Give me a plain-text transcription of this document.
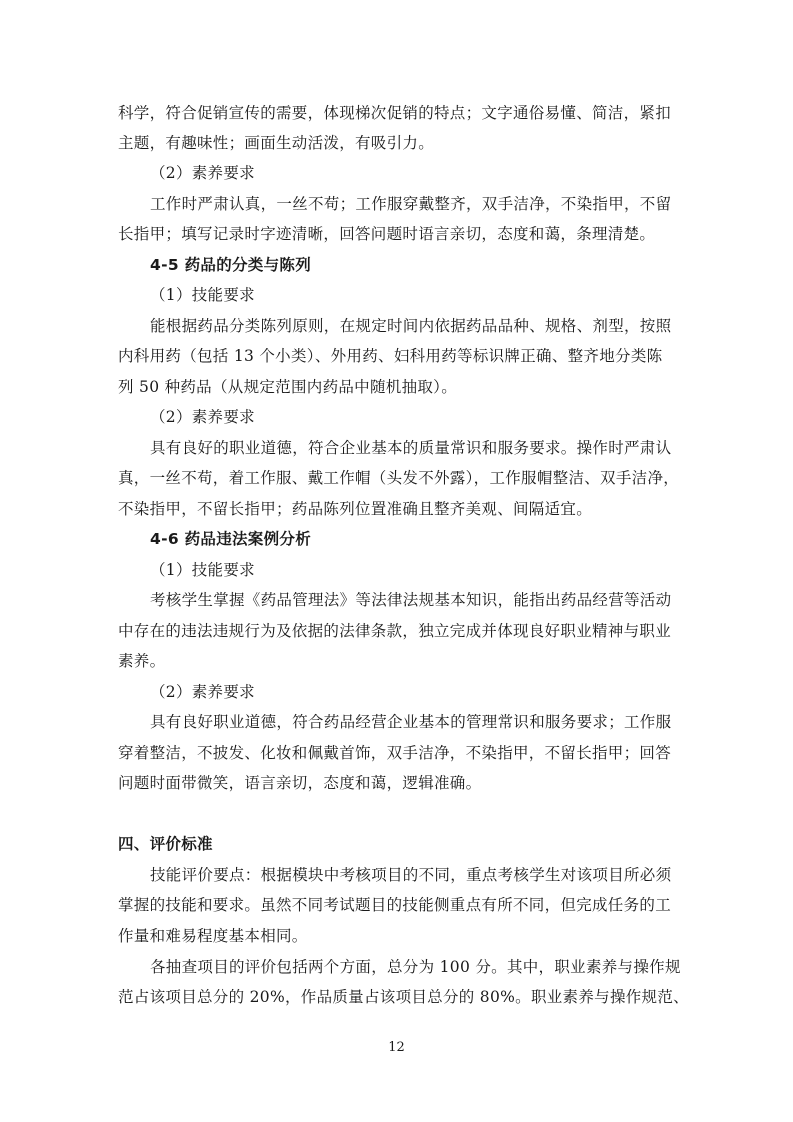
科学，符合促销宣传的需要，体现梯次促销的特点；文字通俗易懂、简洁，紧扣
主题，有趣味性；画面生动活泼，有吸引力。
（2）素养要求
工作时严肃认真，一丝不苟；工作服穿戴整齐，双手洁净，不染指甲，不留
长指甲；填写记录时字迹清晰，回答问题时语言亲切，态度和蔼，条理清楚。
4-5 药品的分类与陈列
（1）技能要求
能根据药品分类陈列原则，在规定时间内依据药品品种、规格、剂型，按照
内科用药（包括 13 个小类）、外用药、妇科用药等标识牌正确、整齐地分类陈
列 50 种药品（从规定范围内药品中随机抽取）。
（2）素养要求
具有良好的职业道德，符合企业基本的质量常识和服务要求。操作时严肃认
真，一丝不苟，着工作服、戴工作帽（头发不外露），工作服帽整洁、双手洁净，
不染指甲，不留长指甲；药品陈列位置准确且整齐美观、间隔适宜。
4-6 药品违法案例分析
（1）技能要求
考核学生掌握《药品管理法》等法律法规基本知识，能指出药品经营等活动
中存在的违法违规行为及依据的法律条款，独立完成并体现良好职业精神与职业
素养。
（2）素养要求
具有良好职业道德，符合药品经营企业基本的管理常识和服务要求；工作服
穿着整洁，不披发、化妆和佩戴首饰，双手洁净，不染指甲，不留长指甲；回答
问题时面带微笑，语言亲切，态度和蔼，逻辑准确。
四、评价标准
技能评价要点：根据模块中考核项目的不同，重点考核学生对该项目所必须
掌握的技能和要求。虽然不同考试题目的技能侧重点有所不同，但完成任务的工
作量和难易程度基本相同。
各抽查项目的评价包括两个方面，总分为 100 分。其中，职业素养与操作规
范占该项目总分的 20%，作品质量占该项目总分的 80%。职业素养与操作规范、
12
